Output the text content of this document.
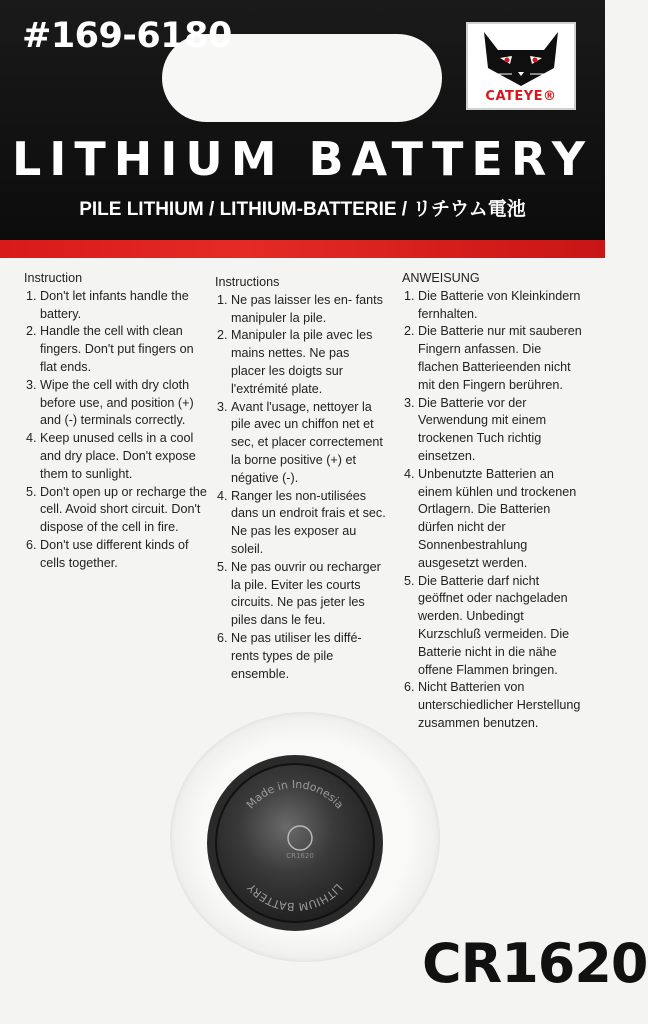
#169-6180
CATEYE®
LITHIUM BATTERY
PILE LITHIUM / LITHIUM-BATTERIE / リチウム電池
Instruction
1. Don't let infants handle the battery.
2. Handle the cell with clean fingers. Don't put fingers on flat ends.
3. Wipe the cell with dry cloth before use, and position (+) and (-) terminals correctly.
4. Keep unused cells in a cool and dry place. Don't expose them to sunlight.
5. Don't open up or recharge the cell. Avoid short circuit. Don't dispose of the cell in fire.
6. Don't use different kinds of cells together.
Instructions
1. Ne pas laisser les en- fants manipuler la pile.
2. Manipuler la pile avec les mains nettes. Ne pas placer les doigts sur l'extrémité plate.
3. Avant l'usage, nettoyer la pile avec un chiffon net et sec, et placer correctement la borne positive (+) et négative (-).
4. Ranger les non-utilisées dans un endroit frais et sec. Ne pas les exposer au soleil.
5. Ne pas ouvrir ou recharger la pile. Eviter les courts circuits. Ne pas jeter les piles dans le feu.
6. Ne pas utiliser les diffé- rents types de pile ensemble.
ANWEISUNG
1. Die Batterie von Kleinkindern fernhalten.
2. Die Batterie nur mit sauberen Fingern anfassen. Die flachen Batterieenden nicht mit den Fingern berühren.
3. Die Batterie vor der Verwendung mit einem trockenen Tuch richtig einsetzen.
4. Unbenutzte Batterien an einem kühlen und trockenen Ortlagern. Die Batterien dürfen nicht der Sonnenbestrahlung ausgesetzt werden.
5. Die Batterie darf nicht geöffnet oder nachgeladen werden. Unbedingt Kurzschluß vermeiden. Die Batterie nicht in die nähe offene Flammen bringen.
6. Nicht Batterien von unterschiedlicher Herstellung zusammen benutzen.
Made in Indonesia
LITHIUM BATTERY
CR1620
CR1620
